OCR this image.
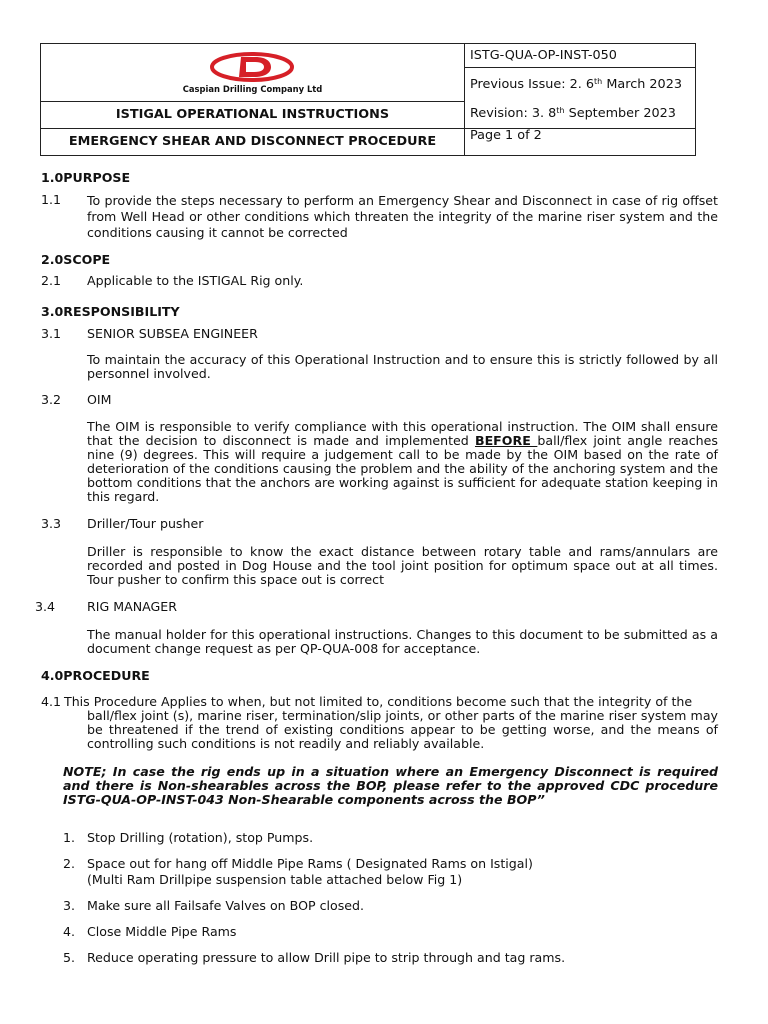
Caspian Drilling Company Ltd
ISTG-QUA-OP-INST-050
Previous Issue: 2. 6th March 2023
ISTIGAL OPERATIONAL INSTRUCTIONS	Revision: 3. 8th September 2023
EMERGENCY SHEAR AND DISCONNECT PROCEDURE	Page 1 of 2
1.0PURPOSE
1.1 To provide the steps necessary to perform an Emergency Shear and Disconnect in case of rig offset from Well Head or other conditions which threaten the integrity of the marine riser system and the conditions causing it cannot be corrected
2.0SCOPE
2.1 Applicable to the ISTIGAL Rig only.
3.0RESPONSIBILITY
3.1 SENIOR SUBSEA ENGINEER
To maintain the accuracy of this Operational Instruction and to ensure this is strictly followed by all personnel involved.
3.2 OIM
The OIM is responsible to verify compliance with this operational instruction. The OIM shall ensure that the decision to disconnect is made and implemented BEFORE ball/flex joint angle reaches nine (9) degrees. This will require a judgement call to be made by the OIM based on the rate of deterioration of the conditions causing the problem and the ability of the anchoring system and the bottom conditions that the anchors are working against is sufficient for adequate station keeping in this regard.
3.3 Driller/Tour pusher
Driller is responsible to know the exact distance between rotary table and rams/annulars are recorded and posted in Dog House and the tool joint position for optimum space out at all times. Tour pusher to confirm this space out is correct
3.4	RIG MANAGER
The manual holder for this operational instructions. Changes to this document to be submitted as a document change request as per QP-QUA-008 for acceptance.
4.0PROCEDURE
4.1 This Procedure Applies to when, but not limited to, conditions become such that the integrity of the
ball/flex joint (s), marine riser, termination/slip joints, or other parts of the marine riser system may be threatened if the trend of existing conditions appear to be getting worse, and the means of controlling such conditions is not readily and reliably available.
NOTE; In case the rig ends up in a situation where an Emergency Disconnect is required and there is Non-shearables across the BOP, please refer to the approved CDC procedure ISTG-QUA-OP-INST-043 Non-Shearable components across the BOP”
1. Stop Drilling (rotation), stop Pumps.
2. Space out for hang off Middle Pipe Rams ( Designated Rams on Istigal)
(Multi Ram Drillpipe suspension table attached below Fig 1)
3. Make sure all Failsafe Valves on BOP closed.
4. Close Middle Pipe Rams
5. Reduce operating pressure to allow Drill pipe to strip through and tag rams.
